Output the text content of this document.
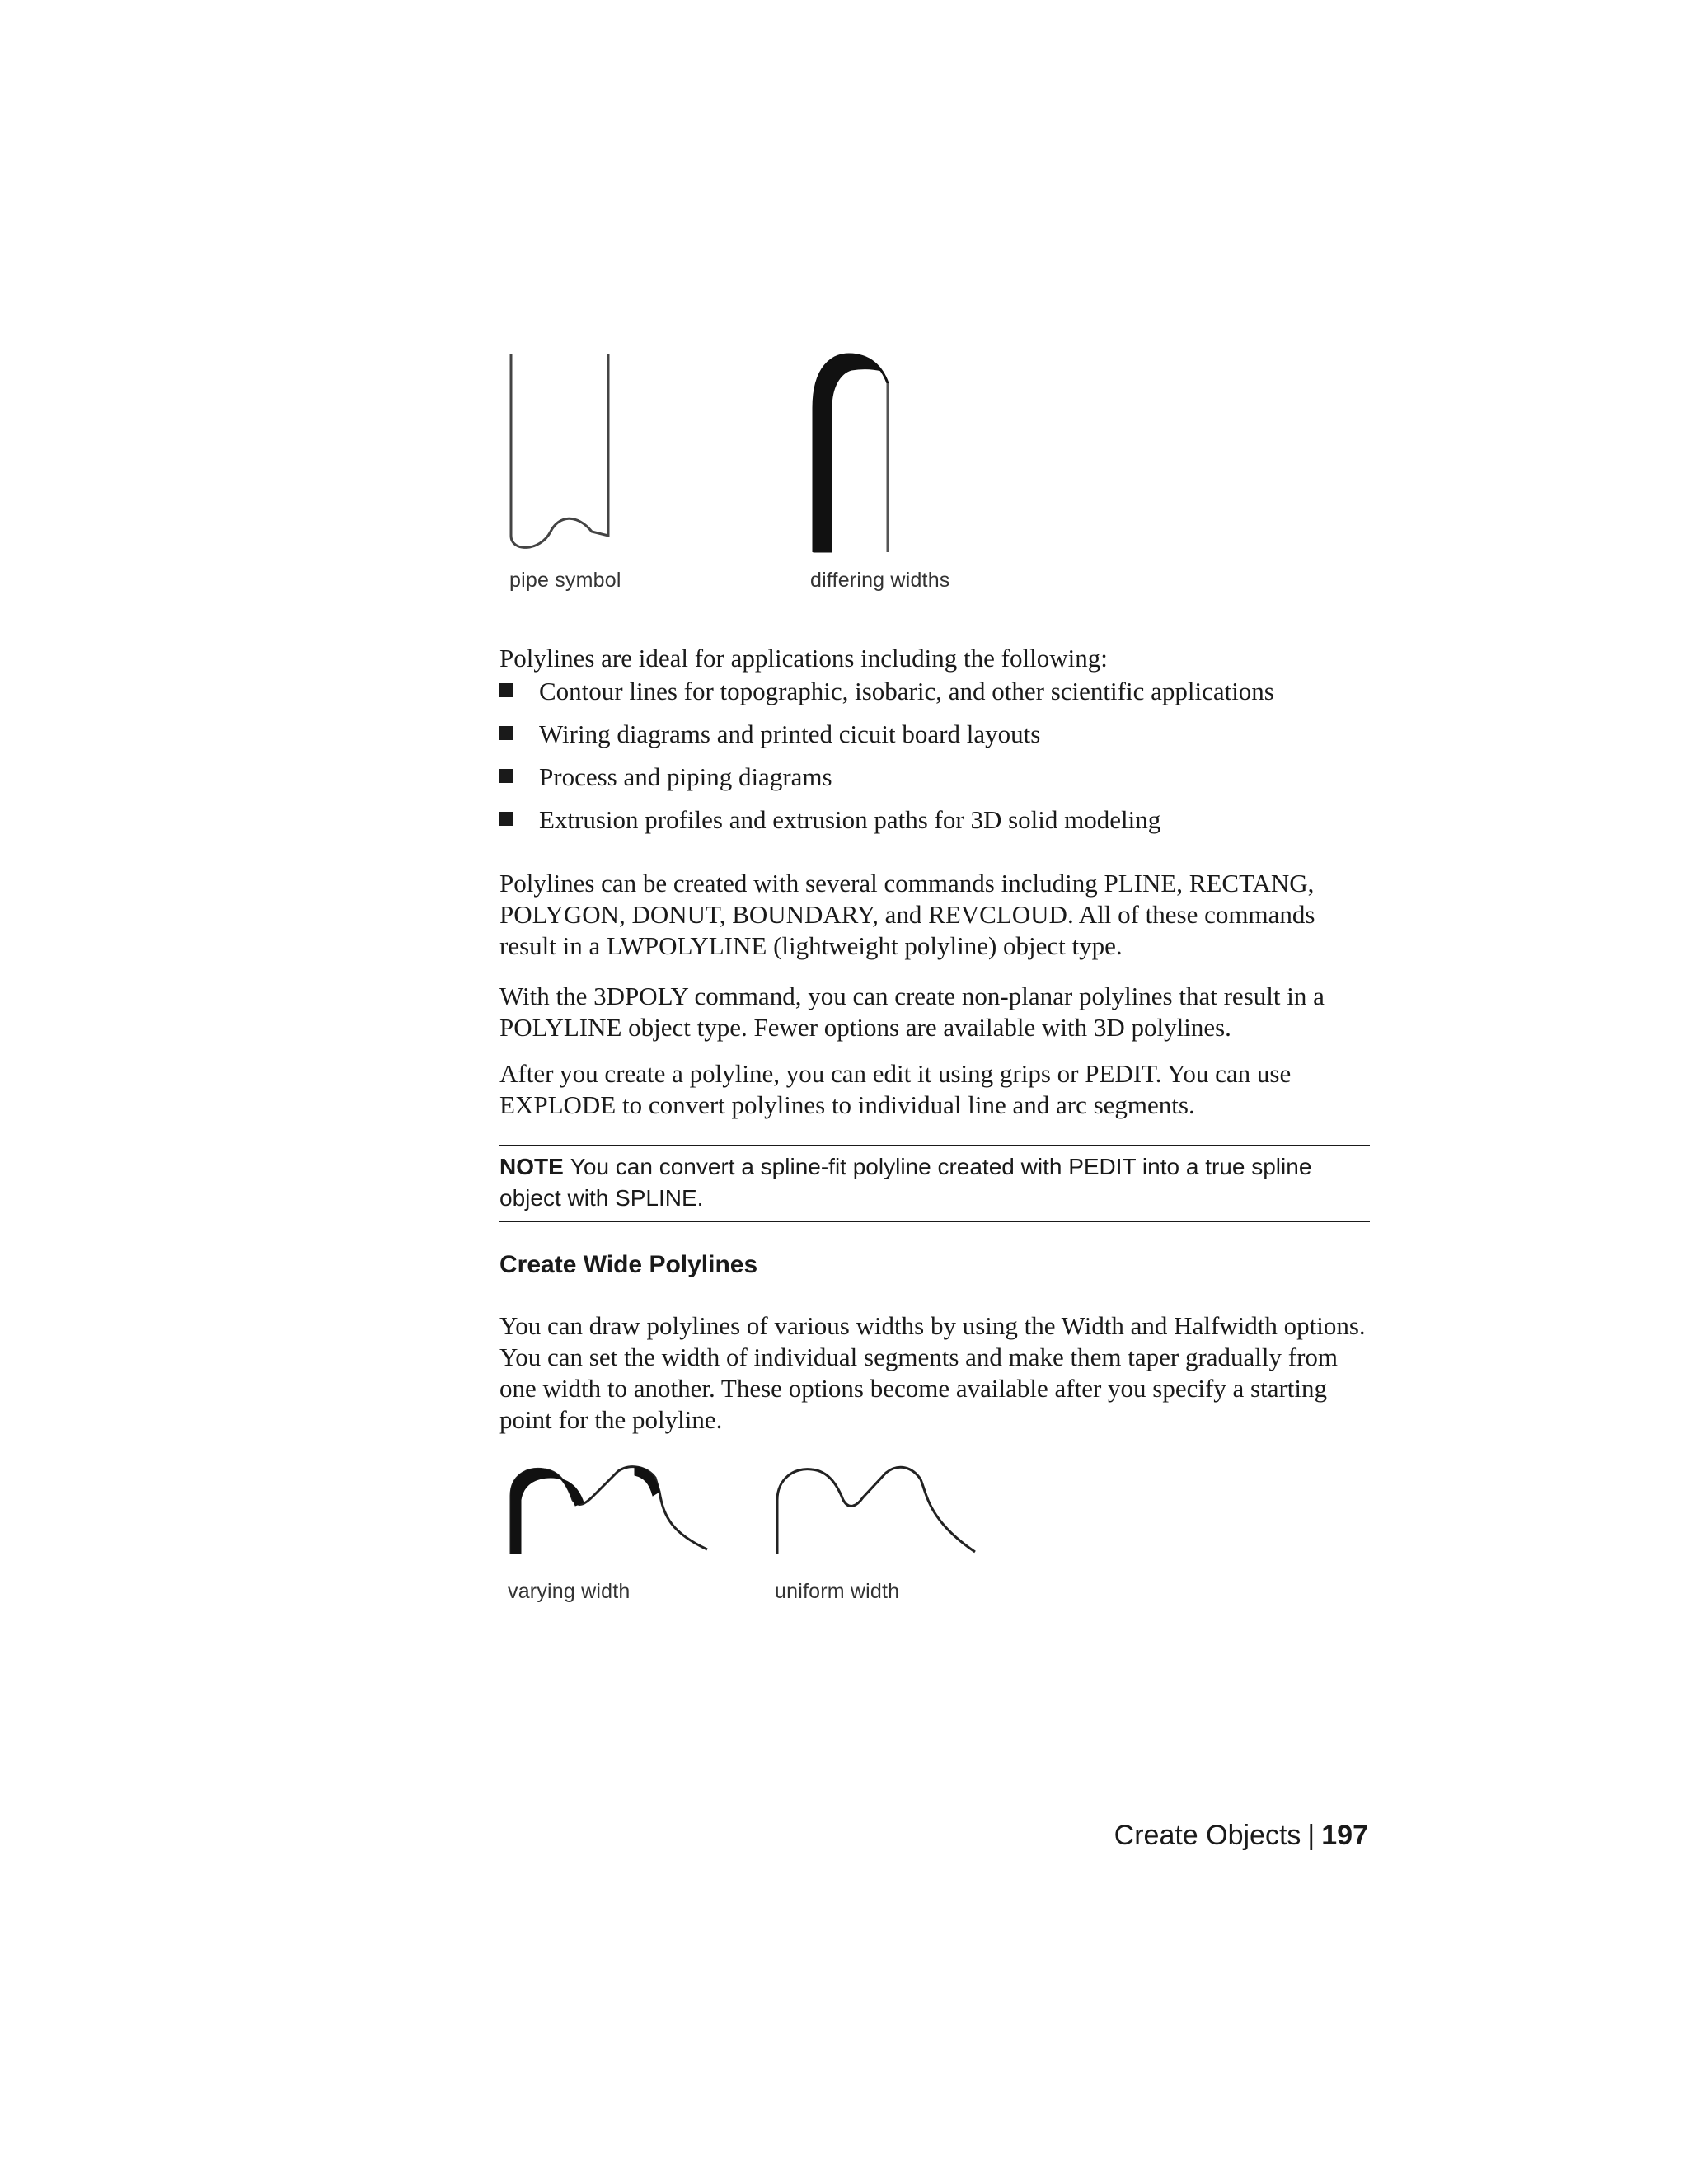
pipe symbol	differing widths

Polylines are ideal for applications including the following:

Contour lines for topographic, isobaric, and other scientific applications
Wiring diagrams and printed cicuit board layouts
Process and piping diagrams
Extrusion profiles and extrusion paths for 3D solid modeling

Polylines can be created with several commands including PLINE, RECTANG, POLYGON, DONUT, BOUNDARY, and REVCLOUD. All of these commands result in a LWPOLYLINE (lightweight polyline) object type.

With the 3DPOLY command, you can create non-planar polylines that result in a POLYLINE object type. Fewer options are available with 3D polylines.

After you create a polyline, you can edit it using grips or PEDIT. You can use EXPLODE to convert polylines to individual line and arc segments.

NOTE You can convert a spline-fit polyline created with PEDIT into a true spline object with SPLINE.
Create Wide Polylines

You can draw polylines of various widths by using the Width and Halfwidth options. You can set the width of individual segments and make them taper gradually from one width to another. These options become available after you specify a starting point for the polyline.

varying width	uniform width
Create Objects | 197
